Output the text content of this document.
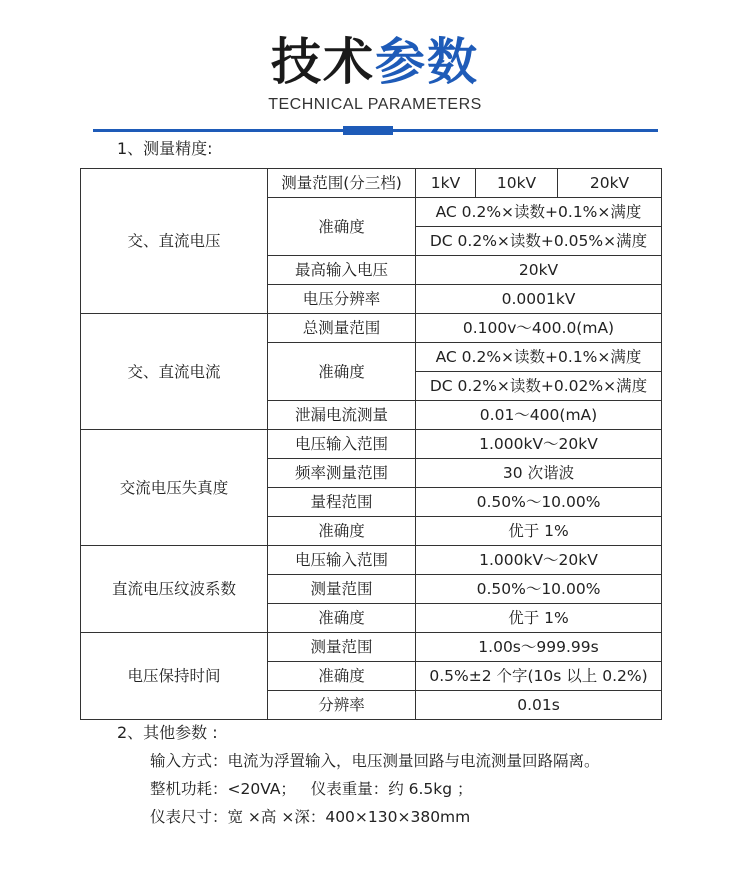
技术参数
TECHNICAL PARAMETERS
1、测量精度:
交、直流电压	测量范围(分三档)	1kV	10kV	20kV
	准确度	AC 0.2%×读数+0.1%×满度		
		DC 0.2%×读数+0.05%×满度		
	最高输入电压	20kV		
	电压分辨率	0.0001kV		
交、直流电流	总测量范围	0.100v～400.0(mA)		
	准确度	AC 0.2%×读数+0.1%×满度		
		DC 0.2%×读数+0.02%×满度		
	泄漏电流测量	0.01～400(mA)		
交流电压失真度	电压输入范围	1.000kV～20kV		
	频率测量范围	30 次谐波		
	量程范围	0.50%～10.00%		
	准确度	优于 1%		
直流电压纹波系数	电压输入范围	1.000kV～20kV		
	测量范围	0.50%～10.00%		
	准确度	优于 1%		
电压保持时间	测量范围	1.00s～999.99s		
	准确度	0.5%±2 个字(10s 以上 0.2%)		
	分辨率	0.01s		
2、其他参数 :
输入方式：电流为浮置输入，电压测量回路与电流测量回路隔离。
整机功耗：<20VA；   仪表重量：约 6.5kg ；
仪表尺寸：宽 ×高 ×深：400×130×380mm
